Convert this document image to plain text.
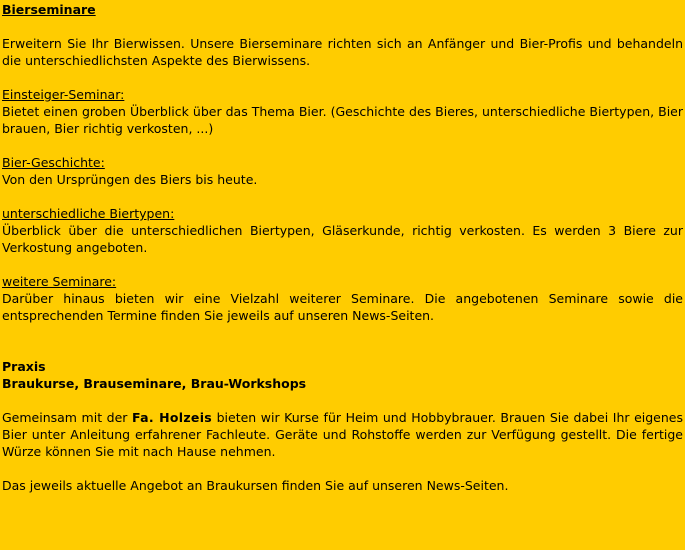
Bierseminare
Erweitern Sie Ihr Bierwissen. Unsere Bierseminare richten sich an Anfänger und Bier-Profis und behandeln die unterschiedlichsten Aspekte des Bierwissens.
Einsteiger-Seminar:
Bietet einen groben Überblick über das Thema Bier. (Geschichte des Bieres, unterschiedliche Biertypen, Bier brauen, Bier richtig verkosten, ...)
Bier-Geschichte:
Von den Ursprüngen des Biers bis heute.
unterschiedliche Biertypen:
Überblick über die unterschiedlichen Biertypen, Gläserkunde, richtig verkosten. Es werden 3 Biere zur Verkostung angeboten.
weitere Seminare:
Darüber hinaus bieten wir eine Vielzahl weiterer Seminare. Die angebotenen Seminare sowie die entsprechenden Termine finden Sie jeweils auf unseren News-Seiten.
Praxis
Braukurse, Brauseminare, Brau-Workshops
Gemeinsam mit der Fa. Holzeis bieten wir Kurse für Heim und Hobbybrauer. Brauen Sie dabei Ihr eigenes Bier unter Anleitung erfahrener Fachleute. Geräte und Rohstoffe werden zur Verfügung gestellt. Die fertige Würze können Sie mit nach Hause nehmen.
Das jeweils aktuelle Angebot an Braukursen finden Sie auf unseren News-Seiten.
